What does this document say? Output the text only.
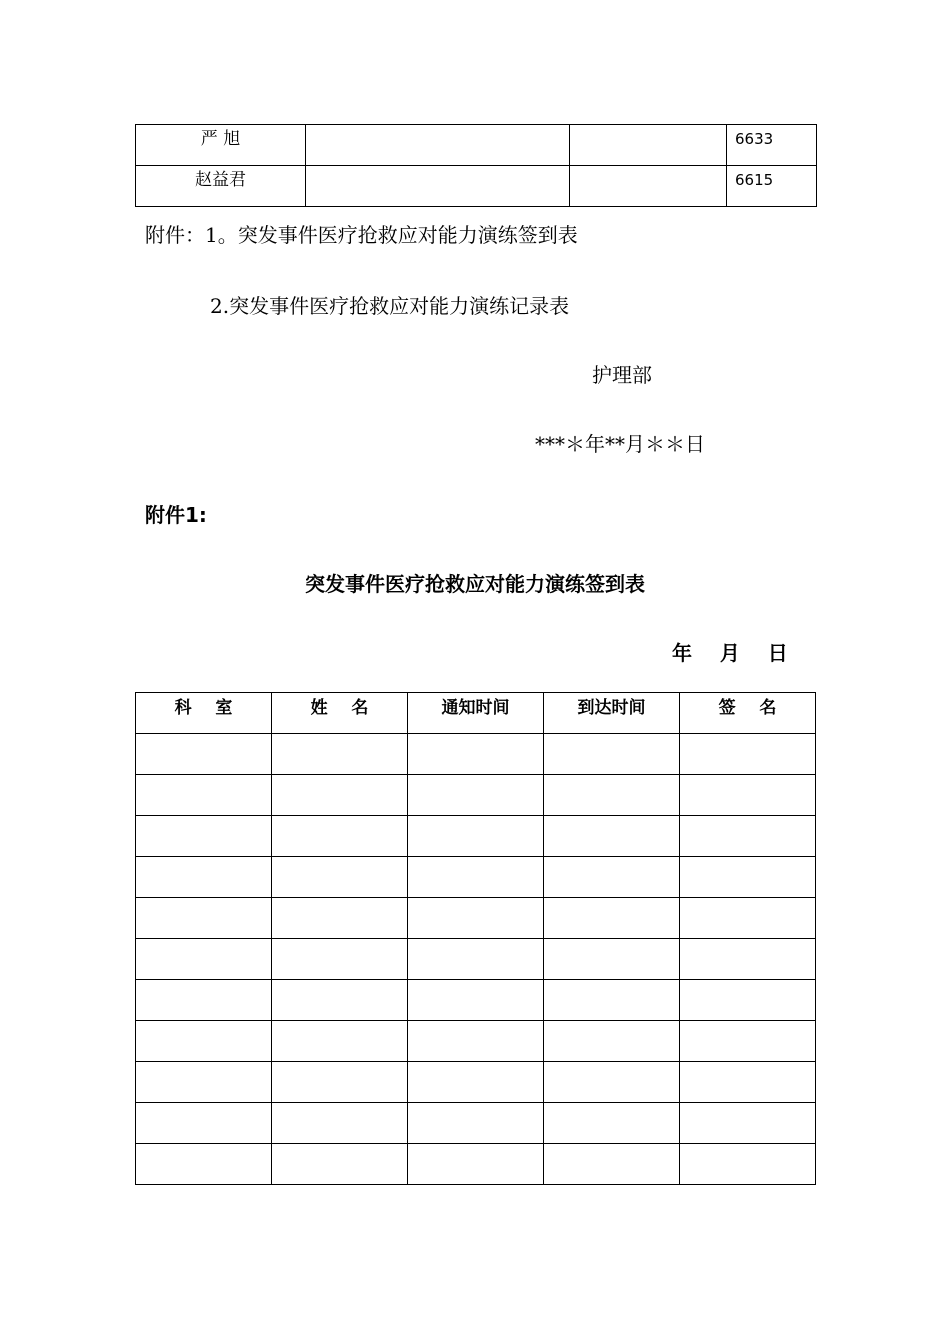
严 旭			6633
赵益君			6615
附件：1。突发事件医疗抢救应对能力演练签到表
2.突发事件医疗抢救应对能力演练记录表
护理部
***＊年**月＊＊日
附件1:
突发事件医疗抢救应对能力演练签到表
年    月    日
科    室	姓    名	通知时间	到达时间	签    名
